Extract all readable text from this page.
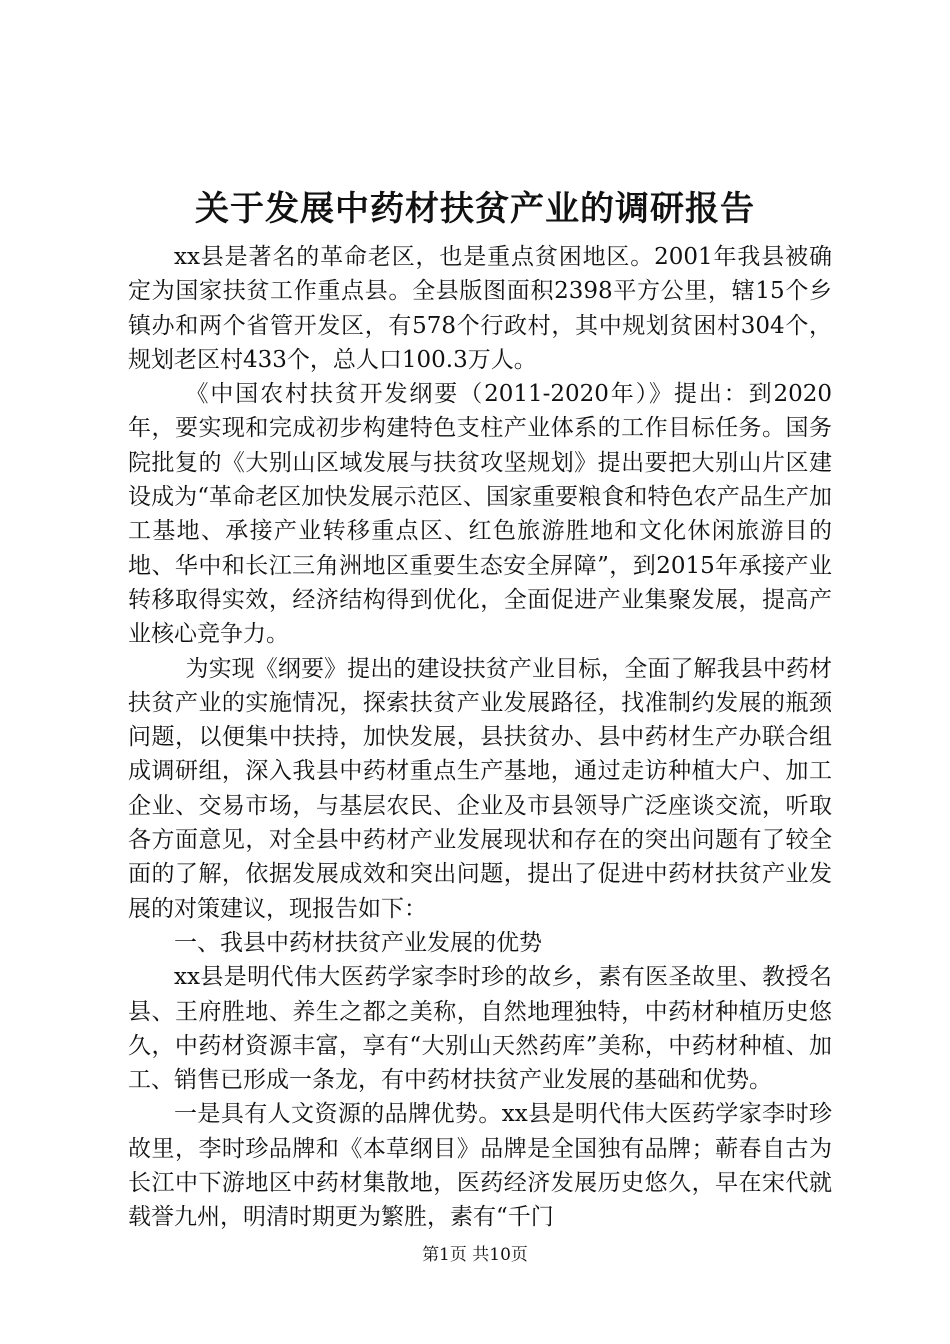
关于发展中药材扶贫产业的调研报告

xx县是著名的革命老区，也是重点贫困地区。2001年我县被确定为国家扶贫工作重点县。全县版图面积2398平方公里，辖15个乡镇办和两个省管开发区，有578个行政村，其中规划贫困村304个，规划老区村433个，总人口100.3万人。

《中国农村扶贫开发纲要（2011-2020年）》提出：到2020年，要实现和完成初步构建特色支柱产业体系的工作目标任务。国务院批复的《大别山区域发展与扶贫攻坚规划》提出要把大别山片区建设成为“革命老区加快发展示范区、国家重要粮食和特色农产品生产加工基地、承接产业转移重点区、红色旅游胜地和文化休闲旅游目的地、华中和长江三角洲地区重要生态安全屏障”，到2015年承接产业转移取得实效，经济结构得到优化，全面促进产业集聚发展，提高产业核心竞争力。

为实现《纲要》提出的建设扶贫产业目标，全面了解我县中药材扶贫产业的实施情况，探索扶贫产业发展路径，找准制约发展的瓶颈问题，以便集中扶持，加快发展，县扶贫办、县中药材生产办联合组成调研组，深入我县中药材重点生产基地，通过走访种植大户、加工企业、交易市场，与基层农民、企业及市县领导广泛座谈交流，听取各方面意见，对全县中药材产业发展现状和存在的突出问题有了较全面的了解，依据发展成效和突出问题，提出了促进中药材扶贫产业发展的对策建议，现报告如下：

一、我县中药材扶贫产业发展的优势

xx县是明代伟大医药学家李时珍的故乡，素有医圣故里、教授名县、王府胜地、养生之都之美称，自然地理独特，中药材种植历史悠久，中药材资源丰富，享有“大别山天然药库”美称，中药材种植、加工、销售已形成一条龙，有中药材扶贫产业发展的基础和优势。

一是具有人文资源的品牌优势。xx县是明代伟大医药学家李时珍故里，李时珍品牌和《本草纲目》品牌是全国独有品牌；蕲春自古为长江中下游地区中药材集散地，医药经济发展历史悠久，早在宋代就载誉九州，明清时期更为繁胜，素有“千门

第1页 共10页
